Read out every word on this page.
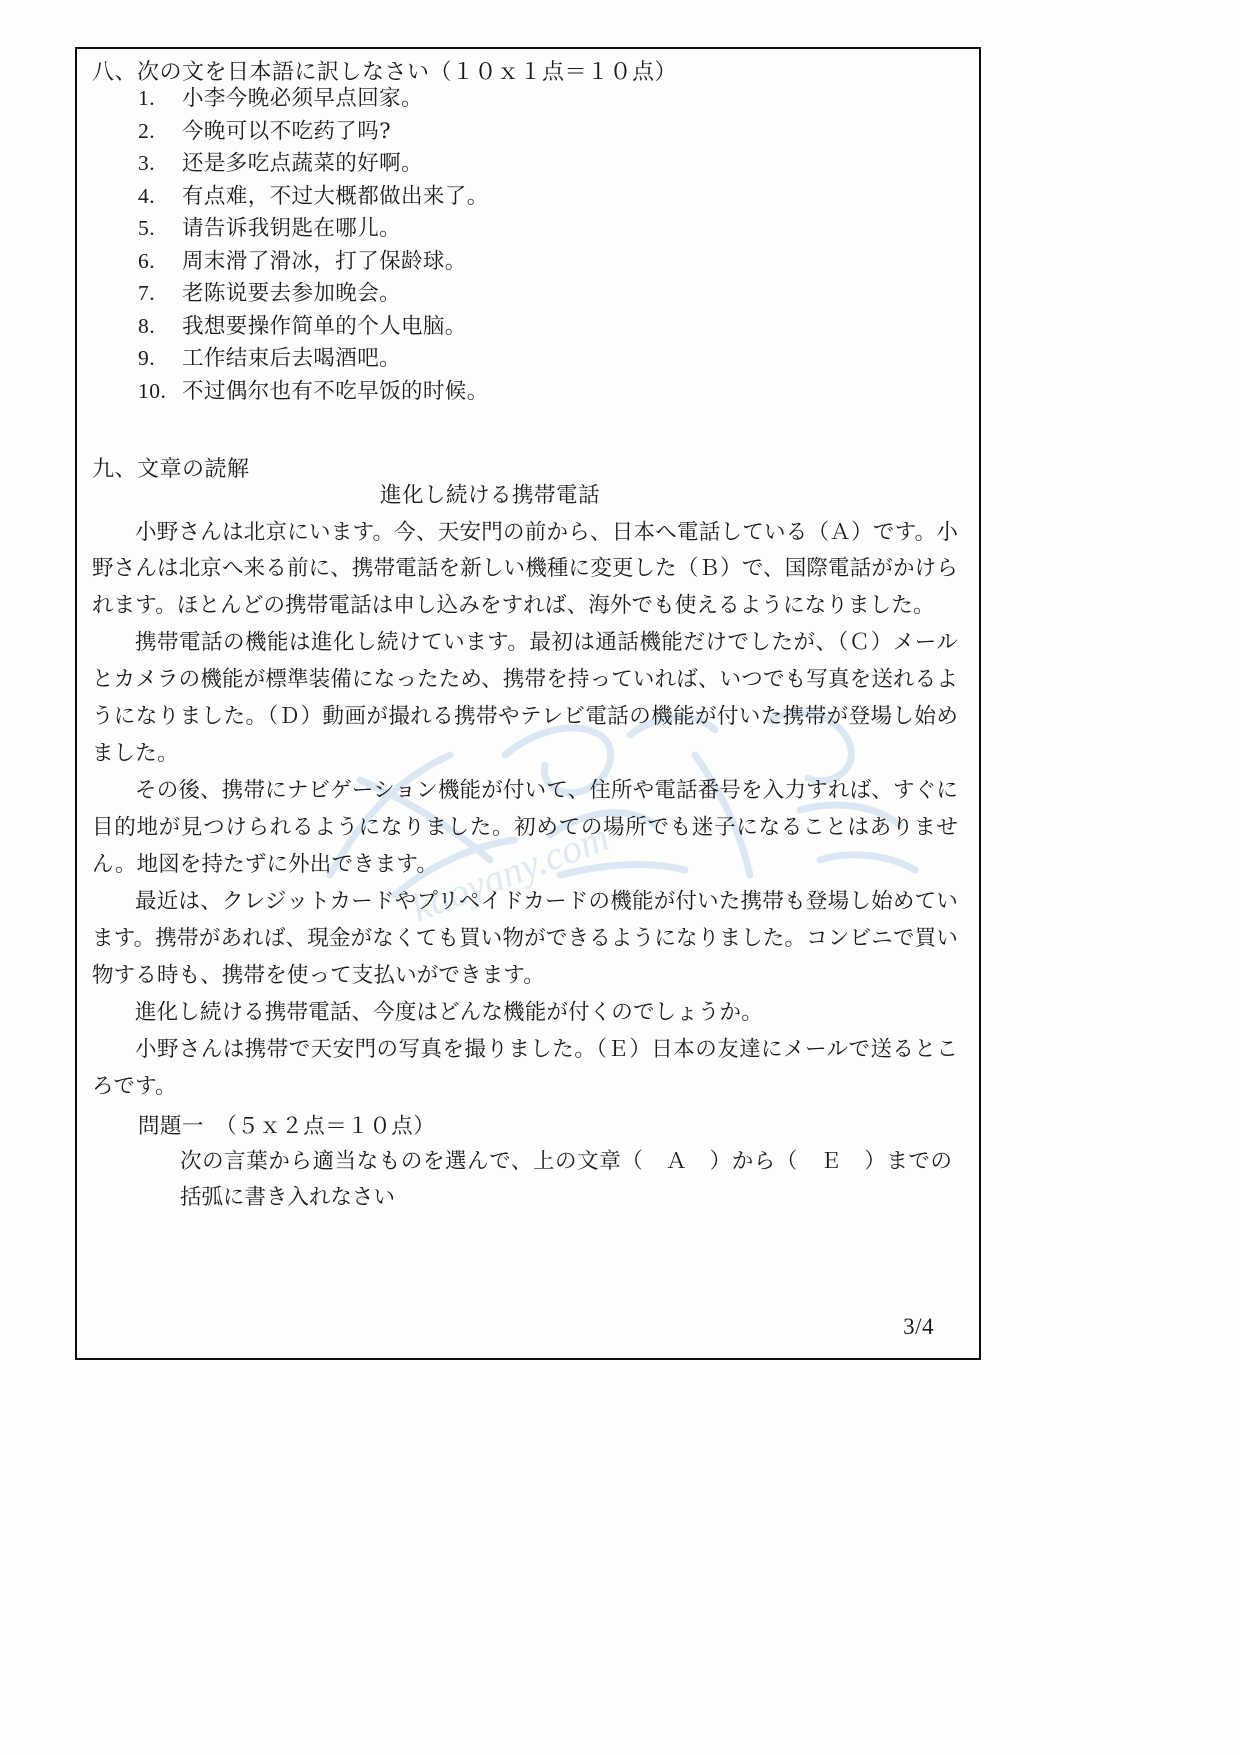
kaoyany.com
八、次の文を日本語に訳しなさい（１０ｘ１点＝１０点）
1.	小李今晚必须早点回家。
2.	今晚可以不吃药了吗?
3.	还是多吃点蔬菜的好啊。
4.	有点难，不过大概都做出来了。
5.	请告诉我钥匙在哪儿。
6.	周末滑了滑冰，打了保龄球。
7.	老陈说要去参加晚会。
8.	我想要操作简单的个人电脑。
9.	工作结束后去喝酒吧。
10. 不过偶尔也有不吃早饭的时候。
九、文章の読解
進化し続ける携帯電話

小野さんは北京にいます。今、天安門の前から、日本へ電話している（Ａ）です。小野さんは北京へ来る前に、携帯電話を新しい機種に変更した（Ｂ）で、国際電話がかけられます。ほとんどの携帯電話は申し込みをすれば、海外でも使えるようになりました。

携帯電話の機能は進化し続けています。最初は通話機能だけでしたが、（Ｃ）メールとカメラの機能が標準装備になったため、携帯を持っていれば、いつでも写真を送れるようになりました。（Ｄ）動画が撮れる携帯やテレビ電話の機能が付いた携帯が登場し始めました。

その後、携帯にナビゲーション機能が付いて、住所や電話番号を入力すれば、すぐに目的地が見つけられるようになりました。初めての場所でも迷子になることはありません。地図を持たずに外出できます。

最近は、クレジットカードやプリペイドカードの機能が付いた携帯も登場し始めています。携帯があれば、現金がなくても買い物ができるようになりました。コンビニで買い物する時も、携帯を使って支払いができます。

進化し続ける携帯電話、今度はどんな機能が付くのでしょうか。

小野さんは携帯で天安門の写真を撮りました。（Ｅ）日本の友達にメールで送るところです。

問題一　（５ｘ２点＝１０点）
次の言葉から適当なものを選んで、上の文章（　Ａ　）から（　Ｅ　）までの括弧に書き入れなさい
3/4
